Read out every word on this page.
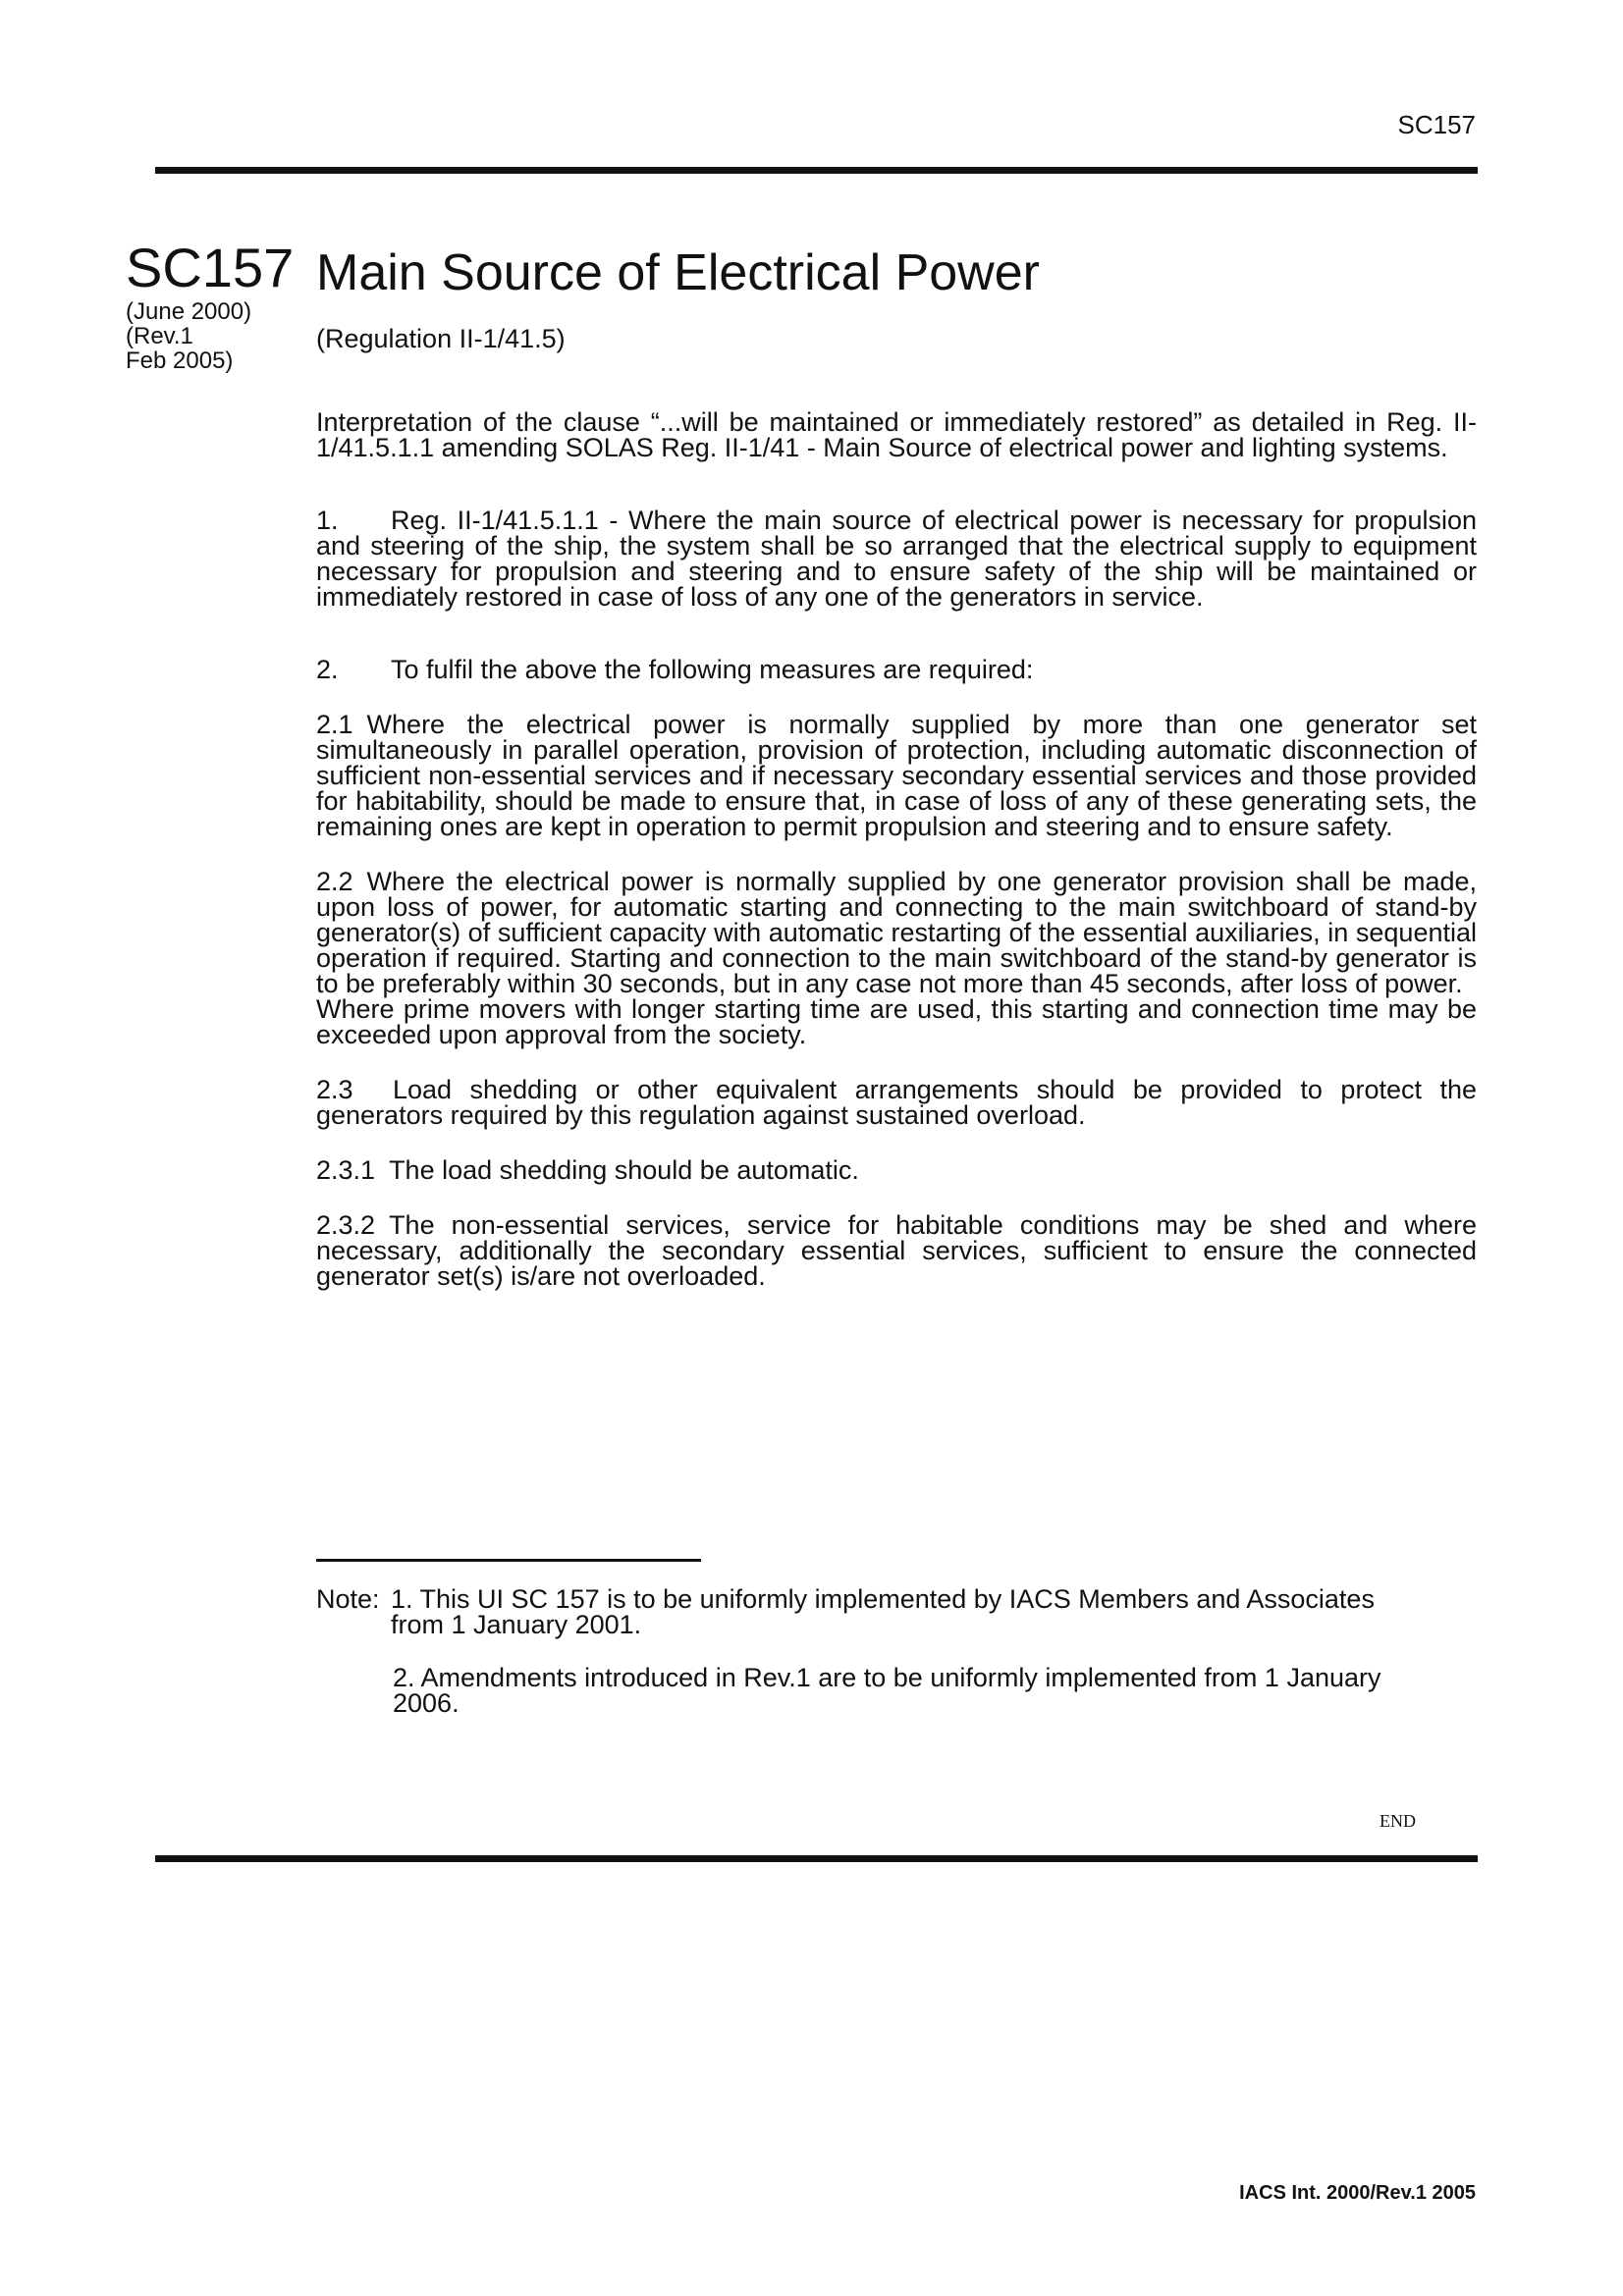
SC157
SC157
(June 2000)
(Rev.1
Feb 2005)
Main Source of Electrical Power
(Regulation II-1/41.5)

Interpretation of the clause “...will be maintained or immediately restored” as detailed in Reg. II-1/41.5.1.1 amending SOLAS Reg. II-1/41 - Main Source of electrical power and lighting systems.

1. Reg. II-1/41.5.1.1 - Where the main source of electrical power is necessary for propulsion and steering of the ship, the system shall be so arranged that the electrical supply to equipment necessary for propulsion and steering and to ensure safety of the ship will be maintained or immediately restored in case of loss of any one of the generators in service.

2. To fulfil the above the following measures are required:

2.1 Where the electrical power is normally supplied by more than one generator set simultaneously in parallel operation, provision of protection, including automatic disconnection of sufficient non-essential services and if necessary secondary essential services and those provided for habitability, should be made to ensure that, in case of loss of any of these generating sets, the remaining ones are kept in operation to permit propulsion and steering and to ensure safety.

2.2 Where the electrical power is normally supplied by one generator provision shall be made, upon loss of power, for automatic starting and connecting to the main switchboard of stand-by generator(s) of sufficient capacity with automatic restarting of the essential auxiliaries, in sequential operation if required. Starting and connection to the main switchboard of the stand-by generator is to be preferably within 30 seconds, but in any case not more than 45 seconds, after loss of power.
Where prime movers with longer starting time are used, this starting and connection time may be exceeded upon approval from the society.

2.3 Load shedding or other equivalent arrangements should be provided to protect the generators required by this regulation against sustained overload.

2.3.1 The load shedding should be automatic.

2.3.2 The non-essential services, service for habitable conditions may be shed and where necessary, additionally the secondary essential services, sufficient to ensure the connected generator set(s) is/are not overloaded.

Note: 1. This UI SC 157 is to be uniformly implemented by IACS Members and Associates from 1 January 2001.
2. Amendments introduced in Rev.1 are to be uniformly implemented from 1 January 2006.
END
IACS Int. 2000/Rev.1 2005
